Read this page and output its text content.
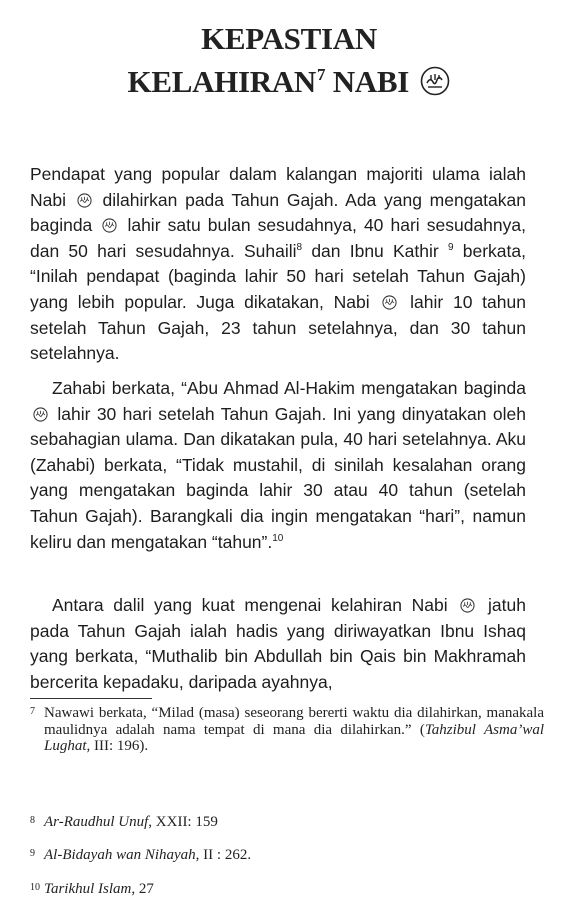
KEPASTIAN
KELAHIRAN$^7$ NABI
Pendapat yang popular dalam kalangan majoriti ulama ialah Nabi dilahirkan pada Tahun Gajah. Ada yang mengatakan baginda lahir satu bulan sesudahnya, 40 hari sesudahnya, dan 50 hari sesudahnya. Suhaili$^8$ dan Ibnu Kathir $^9$ berkata, “Inilah pendapat (baginda lahir 50 hari setelah Tahun Gajah) yang lebih popular. Juga dikatakan, Nabi lahir 10 tahun setelah Tahun Gajah, 23 tahun setelahnya, dan 30 tahun setelahnya.
Zahabi berkata, “Abu Ahmad Al-Hakim mengatakan baginda  lahir 30 hari setelah Tahun Gajah. Ini yang dinyatakan oleh sebahagian ulama. Dan dikatakan pula, 40 hari setelahnya. Aku (Zahabi) berkata, “Tidak mustahil, di sinilah kesalahan orang yang mengatakan baginda lahir 30 atau 40 tahun (setelah Tahun Gajah). Barangkali dia ingin mengatakan “hari”, namun keliru dan mengatakan “tahun”.$^{10}$
Antara dalil yang kuat mengenai kelahiran Nabi jatuh pada Tahun Gajah ialah hadis yang diriwayatkan Ibnu Ishaq yang berkata, “Muthalib bin Abdullah bin Qais bin Makhramah bercerita kepadaku, daripada ayahnya,
7 Nawawi berkata, “Milad (masa) seseorang bererti waktu dia dilahirkan, manakala maulidnya adalah nama tempat di mana dia dilahirkan.” (Tahzibul Asma’wal Lughat, III: 196).
8 Ar-Raudhul Unuf, XXII: 159
9 Al-Bidayah wan Nihayah, II : 262.
10 Tarikhul Islam, 27
